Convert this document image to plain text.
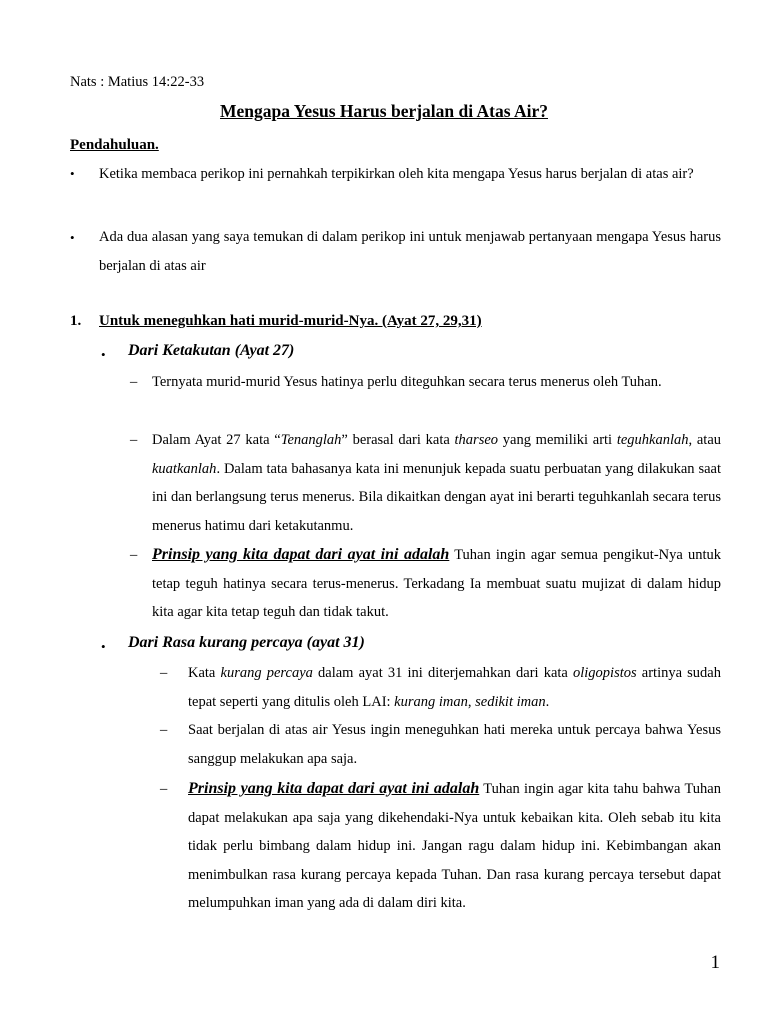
Nats : Matius 14:22-33
Mengapa Yesus Harus berjalan di Atas Air?
Pendahuluan.
• Ketika membaca perikop ini pernahkah terpikirkan oleh kita mengapa Yesus harus berjalan di atas air?
• Ada dua alasan yang saya temukan di dalam perikop ini untuk menjawab pertanyaan mengapa Yesus harus berjalan di atas air
1. Untuk meneguhkan hati murid-murid-Nya. (Ayat 27, 29,31)
• Dari Ketakutan (Ayat 27)
– Ternyata murid-murid Yesus hatinya perlu diteguhkan secara terus menerus oleh Tuhan.
– Dalam Ayat 27 kata “Tenanglah” berasal dari kata tharseo yang memiliki arti teguhkanlah, atau kuatkanlah. Dalam tata bahasanya kata ini menunjuk kepada suatu perbuatan yang dilakukan saat ini dan berlangsung terus menerus. Bila dikaitkan dengan ayat ini berarti teguhkanlah secara terus menerus hatimu dari ketakutanmu.
– Prinsip yang kita dapat dari ayat ini adalah Tuhan ingin agar semua pengikut-Nya untuk tetap teguh hatinya secara terus-menerus. Terkadang Ia membuat suatu mujizat di dalam hidup kita agar kita tetap teguh dan tidak takut.
• Dari Rasa kurang percaya (ayat 31)
– Kata kurang percaya dalam ayat 31 ini diterjemahkan dari kata oligopistos artinya sudah tepat seperti yang ditulis oleh LAI: kurang iman, sedikit iman.
– Saat berjalan di atas air Yesus ingin meneguhkan hati mereka untuk percaya bahwa Yesus sanggup melakukan apa saja.
– Prinsip yang kita dapat dari ayat ini adalah Tuhan ingin agar kita tahu bahwa Tuhan dapat melakukan apa saja yang dikehendaki-Nya untuk kebaikan kita. Oleh sebab itu kita tidak perlu bimbang dalam hidup ini. Jangan ragu dalam hidup ini. Kebimbangan akan menimbulkan rasa kurang percaya kepada Tuhan. Dan rasa kurang percaya tersebut dapat melumpuhkan iman yang ada di dalam diri kita.
1
